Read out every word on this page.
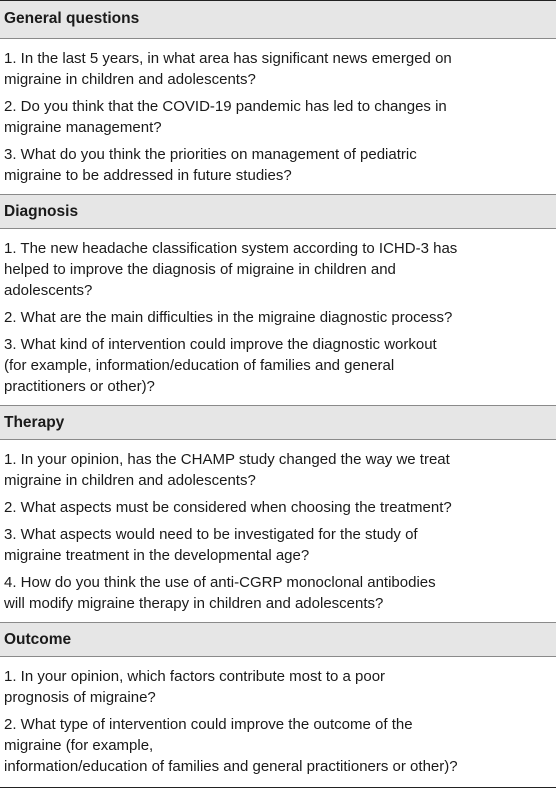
General questions
1. In the last 5 years, in what area has significant news emerged on
migraine in children and adolescents?
2. Do you think that the COVID-19 pandemic has led to changes in
migraine management?
3. What do you think the priorities on management of pediatric
migraine to be addressed in future studies?
Diagnosis
1. The new headache classification system according to ICHD-3 has
helped to improve the diagnosis of migraine in children and
adolescents?
2. What are the main difficulties in the migraine diagnostic process?
3. What kind of intervention could improve the diagnostic workout
(for example, information/education of families and general
practitioners or other)?
Therapy
1. In your opinion, has the CHAMP study changed the way we treat
migraine in children and adolescents?
2. What aspects must be considered when choosing the treatment?
3. What aspects would need to be investigated for the study of
migraine treatment in the developmental age?
4. How do you think the use of anti-CGRP monoclonal antibodies
will modify migraine therapy in children and adolescents?
Outcome
1. In your opinion, which factors contribute most to a poor
prognosis of migraine?
2. What type of intervention could improve the outcome of the
migraine (for example,
information/education of families and general practitioners or other)?
